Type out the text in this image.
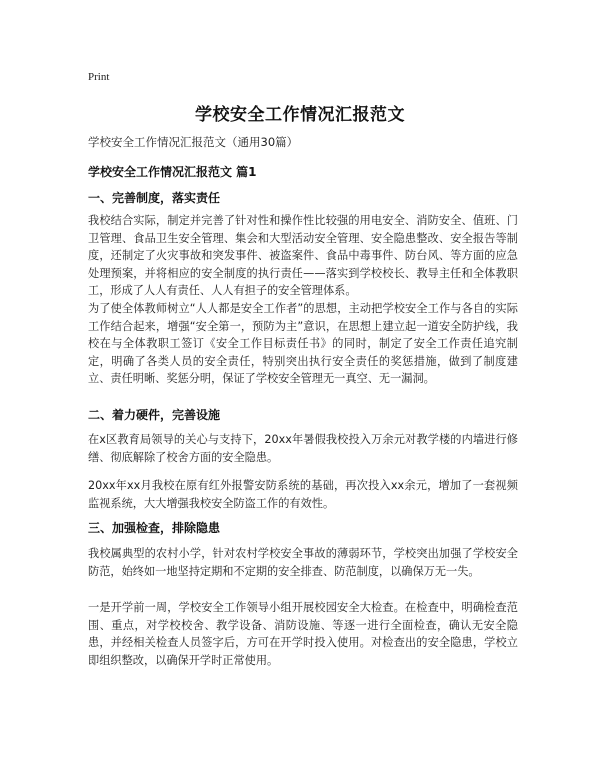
Print
学校安全工作情况汇报范文
学校安全工作情况汇报范文（通用30篇）
学校安全工作情况汇报范文 篇1
一、完善制度，落实责任
我校结合实际，制定并完善了针对性和操作性比较强的用电安全、消防安全、值班、门卫管理、食品卫生安全管理、集会和大型活动安全管理、安全隐患整改、安全报告等制度，还制定了火灾事故和突发事件、被盗案件、食品中毒事件、防台风、等方面的应急处理预案，并将相应的安全制度的执行责任——落实到学校校长、教导主任和全体教职工，形成了人人有责任、人人有担子的安全管理体系。
为了使全体教师树立“人人都是安全工作者”的思想，主动把学校安全工作与各自的实际工作结合起来，增强“安全第一，预防为主”意识，在思想上建立起一道安全防护线，我校在与全体教职工签订《安全工作目标责任书》的同时，制定了安全工作责任追究制定，明确了各类人员的安全责任，特别突出执行安全责任的奖惩措施，做到了制度建立、责任明晰、奖惩分明，保证了学校安全管理无一真空、无一漏洞。
二、着力硬件，完善设施
在x区教育局领导的关心与支持下，20xx年暑假我校投入万余元对教学楼的内墙进行修缮、彻底解除了校舍方面的安全隐患。
20xx年xx月我校在原有红外报警安防系统的基础，再次投入xx余元，增加了一套视频监视系统，大大增强我校安全防盗工作的有效性。
三、加强检查，排除隐患
我校属典型的农村小学，针对农村学校安全事故的薄弱环节，学校突出加强了学校安全防范，始终如一地坚持定期和不定期的安全排查、防范制度，以确保万无一失。
一是开学前一周，学校安全工作领导小组开展校园安全大检查。在检查中，明确检查范围、重点，对学校校舍、教学设备、消防设施、等逐一进行全面检查，确认无安全隐患，并经相关检查人员签字后，方可在开学时投入使用。对检查出的安全隐患，学校立即组织整改，以确保开学时正常使用。
